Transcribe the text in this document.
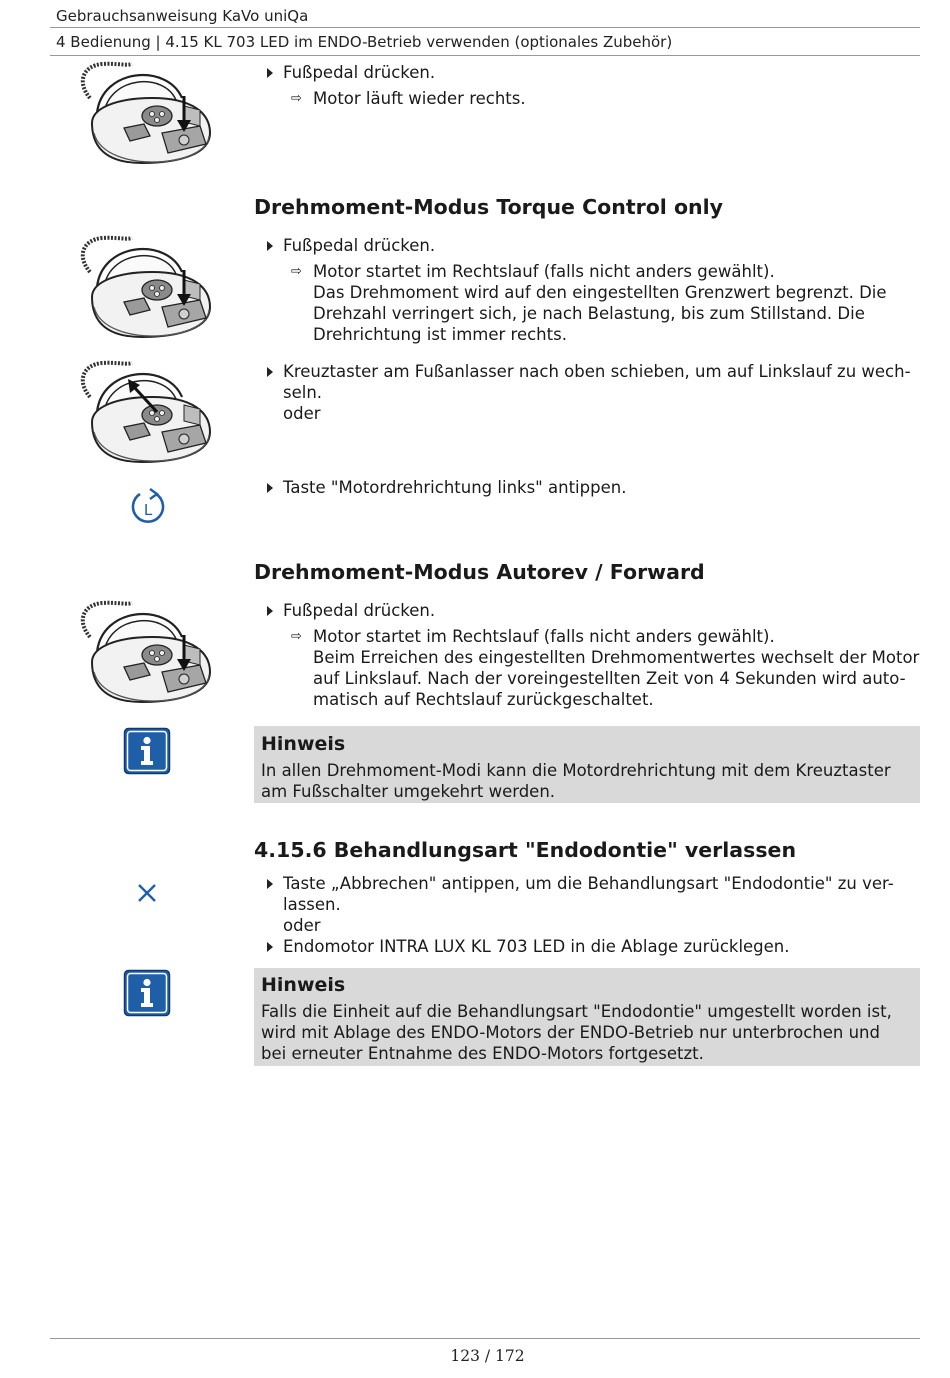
Gebrauchsanweisung KaVo uniQa
4 Bedienung | 4.15 KL 703 LED im ENDO-Betrieb verwenden (optionales Zubehör)
Fußpedal drücken.
⇨ Motor läuft wieder rechts.
Drehmoment-Modus Torque Control only
Fußpedal drücken.
⇨ Motor startet im Rechtslauf (falls nicht anders gewählt).
Das Drehmoment wird auf den eingestellten Grenzwert begrenzt. Die
Drehzahl verringert sich, je nach Belastung, bis zum Stillstand. Die
Drehrichtung ist immer rechts.
Kreuztaster am Fußanlasser nach oben schieben, um auf Linkslauf zu wech-
seln.
oder
L
Taste "Motordrehrichtung links" antippen.
Drehmoment-Modus Autorev / Forward
Fußpedal drücken.
⇨ Motor startet im Rechtslauf (falls nicht anders gewählt).
Beim Erreichen des eingestellten Drehmomentwertes wechselt der Motor
auf Linkslauf. Nach der voreingestellten Zeit von 4 Sekunden wird auto-
matisch auf Rechtslauf zurückgeschaltet.
Hinweis
In allen Drehmoment-Modi kann die Motordrehrichtung mit dem Kreuztaster
am Fußschalter umgekehrt werden.
4.15.6 Behandlungsart "Endodontie" verlassen
Taste „Abbrechen" antippen, um die Behandlungsart "Endodontie" zu ver-
lassen.
oder
Endomotor INTRA LUX KL 703 LED in die Ablage zurücklegen.
Hinweis
Falls die Einheit auf die Behandlungsart "Endodontie" umgestellt worden ist,
wird mit Ablage des ENDO-Motors der ENDO-Betrieb nur unterbrochen und
bei erneuter Entnahme des ENDO-Motors fortgesetzt.
123 / 172
